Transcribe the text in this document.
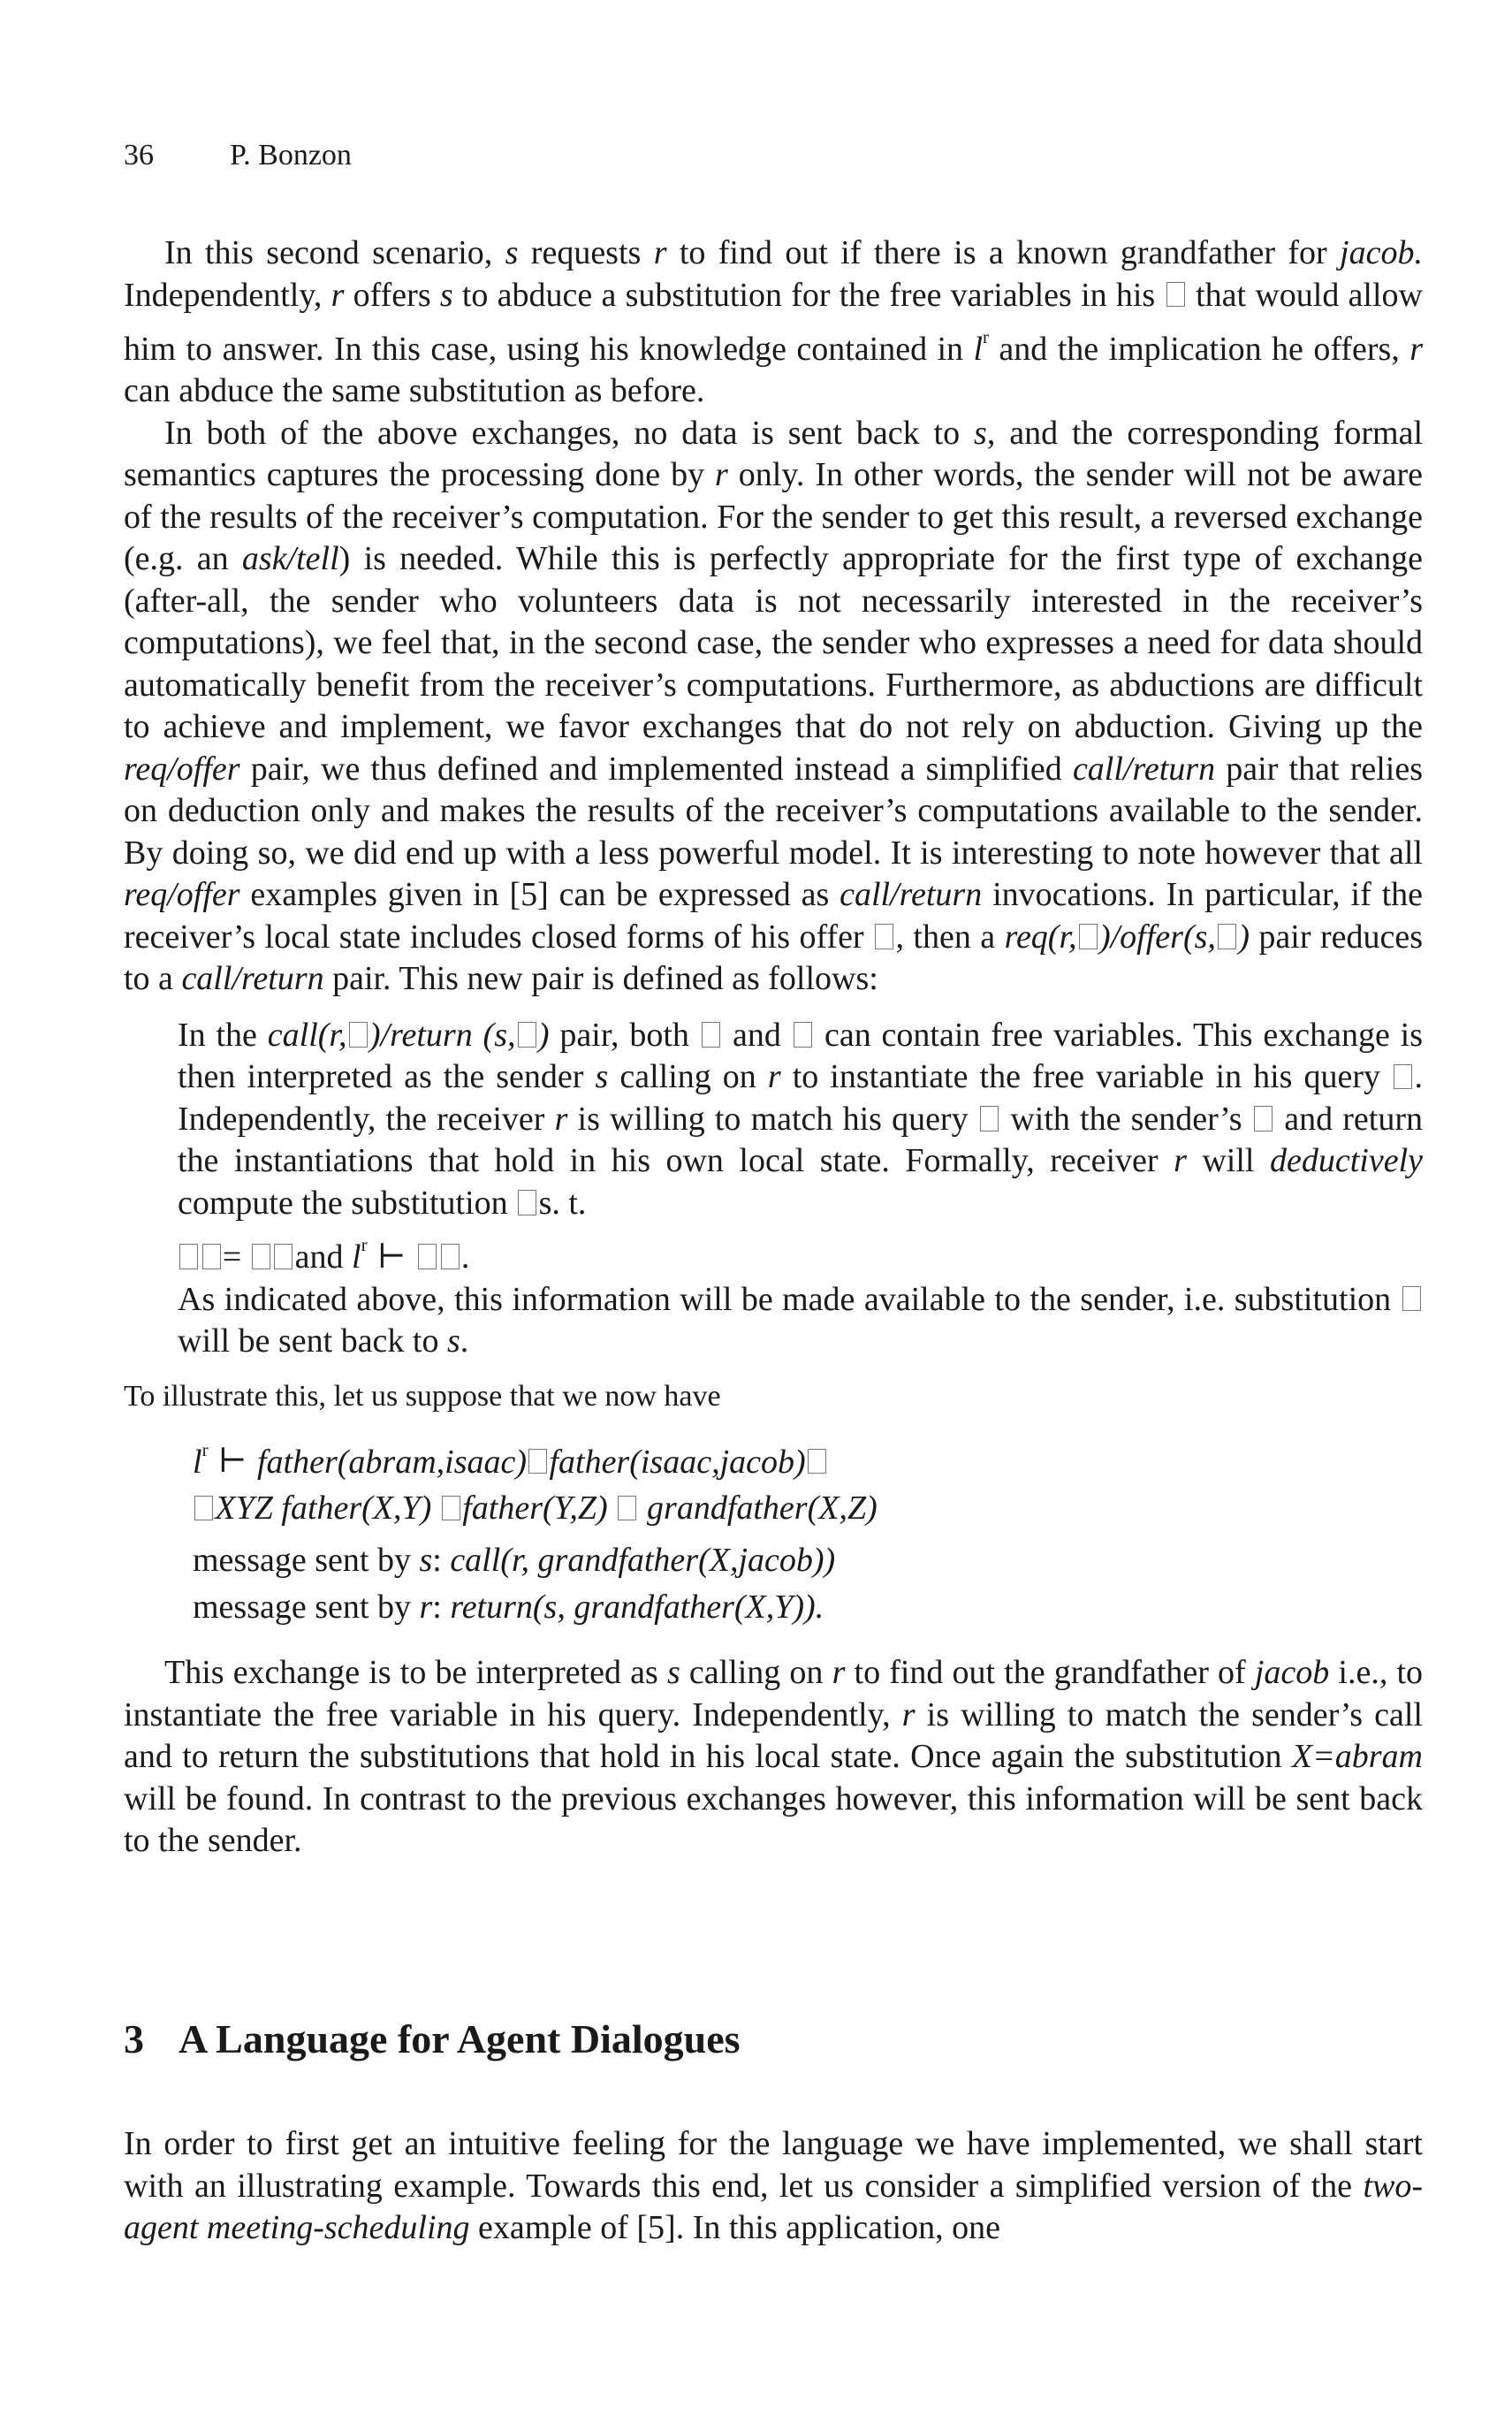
36	P. Bonzon

In this second scenario, s requests r to find out if there is a known grandfather for jacob. Independently, r offers s to abduce a substitution for the free variables in his  that would allow him to answer. In this case, using his knowledge contained in $l^r$ and the implication he offers, r can abduce the same substitution as before.

In both of the above exchanges, no data is sent back to s, and the corresponding formal semantics captures the processing done by r only. In other words, the sender will not be aware of the results of the receiver’s computation. For the sender to get this result, a reversed exchange (e.g. an ask/tell) is needed. While this is perfectly appropriate for the first type of exchange (after-all, the sender who volunteers data is not necessarily interested in the receiver’s computations), we feel that, in the second case, the sender who expresses a need for data should automatically benefit from the receiver’s computations. Furthermore, as abductions are difficult to achieve and implement, we favor exchanges that do not rely on abduction. Giving up the req/offer pair, we thus defined and implemented instead a simplified call/return pair that relies on deduction only and makes the results of the receiver’s computations available to the sender. By doing so, we did end up with a less powerful model. It is interesting to note however that all req/offer examples given in [5] can be expressed as call/return invocations. In particular, if the receiver’s local state includes closed forms of his offer , then a req(r, )/offer(s, ) pair reduces to a call/return pair. This new pair is defined as follows:

In the call(r, )/return (s, ) pair, both  and  can contain free variables. This exchange is then interpreted as the sender s calling on r to instantiate the free variable in his query . Independently, the receiver r is willing to match his query  with the sender’s  and return the instantiations that hold in his own local state. Formally, receiver r will deductively compute the substitution s. t.
= and $l^r$ ⊢ .
As indicated above, this information will be made available to the sender, i.e. substitution will be sent back to s.

To illustrate this, let us suppose that we now have

$l^r$ ⊢ father(abram,isaac) father(isaac,jacob)
XYZ father(X,Y) father(Y,Z)  grandfather(X,Z)
message sent by s: call(r, grandfather(X,jacob))
message sent by r: return(s, grandfather(X,Y)).

This exchange is to be interpreted as s calling on r to find out the grandfather of jacob i.e., to instantiate the free variable in his query. Independently, r is willing to match the sender’s call and to return the substitutions that hold in his local state. Once again the substitution X=abram will be found. In contrast to the previous exchanges however, this information will be sent back to the sender.

3 A Language for Agent Dialogues

In order to first get an intuitive feeling for the language we have implemented, we shall start with an illustrating example. Towards this end, let us consider a simplified version of the two-agent meeting-scheduling example of [5]. In this application, one
